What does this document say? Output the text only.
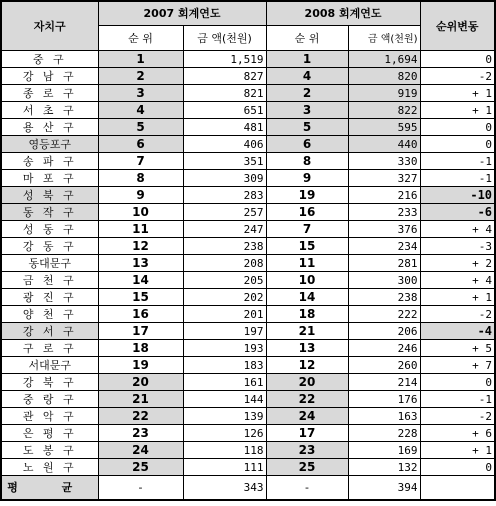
자치구	2007 회계연도		2008 회계연도		순위변동
	순 위	금 액(천원)	순 위	금 액(천원)	
중 구	1	1,519	1	1,694	0
강 남 구	2	827	4	820	-2
종 로 구	3	821	2	919	+ 1
서 초 구	4	651	3	822	+ 1
용 산 구	5	481	5	595	0
영등포구	6	406	6	440	0
송 파 구	7	351	8	330	-1
마 포 구	8	309	9	327	-1
성 북 구	9	283	19	216	-10
동 작 구	10	257	16	233	-6
성 동 구	11	247	7	376	+ 4
강 동 구	12	238	15	234	-3
동대문구	13	208	11	281	+ 2
금 천 구	14	205	10	300	+ 4
광 진 구	15	202	14	238	+ 1
양 천 구	16	201	18	222	-2
강 서 구	17	197	21	206	-4
구 로 구	18	193	13	246	+ 5
서대문구	19	183	12	260	+ 7
강 북 구	20	161	20	214	0
중 랑 구	21	144	22	176	-1
관 악 구	22	139	24	163	-2
은 평 구	23	126	17	228	+ 6
도 봉 구	24	118	23	169	+ 1
노 원 구	25	111	25	132	0
평 균	-	343	-	394	
